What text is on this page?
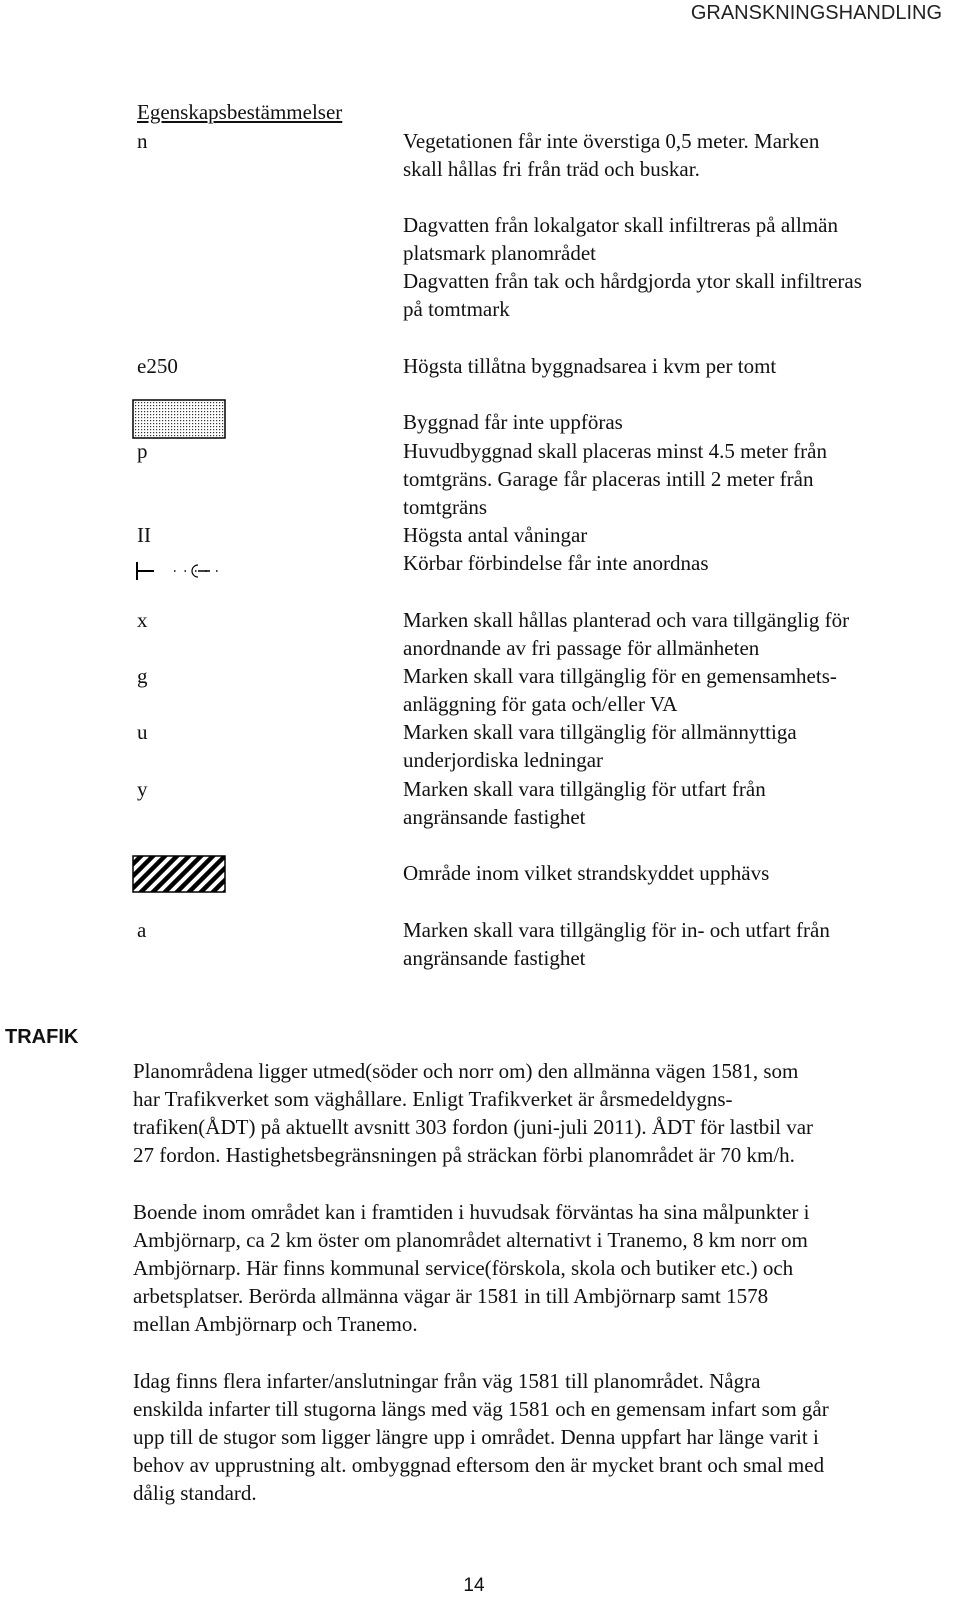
GRANSKNINGSHANDLING
Egenskapsbestämmelser
n	Vegetationen får inte överstiga 0,5 meter. Marken
skall hållas fri från träd och buskar.
Dagvatten från lokalgator skall infiltreras på allmän
platsmark planområdet
Dagvatten från tak och hårdgjorda ytor skall infiltreras
på tomtmark
e250	Högsta tillåtna byggnadsarea i kvm per tomt
Byggnad får inte uppföras
p	Huvudbyggnad skall placeras minst 4.5 meter från
tomtgräns. Garage får placeras intill 2 meter från
tomtgräns
II	Högsta antal våningar
Körbar förbindelse får inte anordnas
x	Marken skall hållas planterad och vara tillgänglig för
anordnande av fri passage för allmänheten
g	Marken skall vara tillgänglig för en gemensamhets-
anläggning för gata och/eller VA
u	Marken skall vara tillgänglig för allmännyttiga
underjordiska ledningar
y	Marken skall vara tillgänglig för utfart från
angränsande fastighet
Område inom vilket strandskyddet upphävs
a	Marken skall vara tillgänglig för in- och utfart från
angränsande fastighet
TRAFIK
Planområdena ligger utmed(söder och norr om) den allmänna vägen 1581, som
har Trafikverket som väghållare. Enligt Trafikverket är årsmedeldygns-
trafiken(ÅDT) på aktuellt avsnitt 303 fordon (juni-juli 2011). ÅDT för lastbil var
27 fordon. Hastighetsbegränsningen på sträckan förbi planområdet är 70 km/h.
Boende inom området kan i framtiden i huvudsak förväntas ha sina målpunkter i
Ambjörnarp, ca 2 km öster om planområdet alternativt i Tranemo, 8 km norr om
Ambjörnarp. Här finns kommunal service(förskola, skola och butiker etc.) och
arbetsplatser. Berörda allmänna vägar är 1581 in till Ambjörnarp samt 1578
mellan Ambjörnarp och Tranemo.
Idag finns flera infarter/anslutningar från väg 1581 till planområdet. Några
enskilda infarter till stugorna längs med väg 1581 och en gemensam infart som går
upp till de stugor som ligger längre upp i området. Denna uppfart har länge varit i
behov av upprustning alt. ombyggnad eftersom den är mycket brant och smal med
dålig standard.
14
